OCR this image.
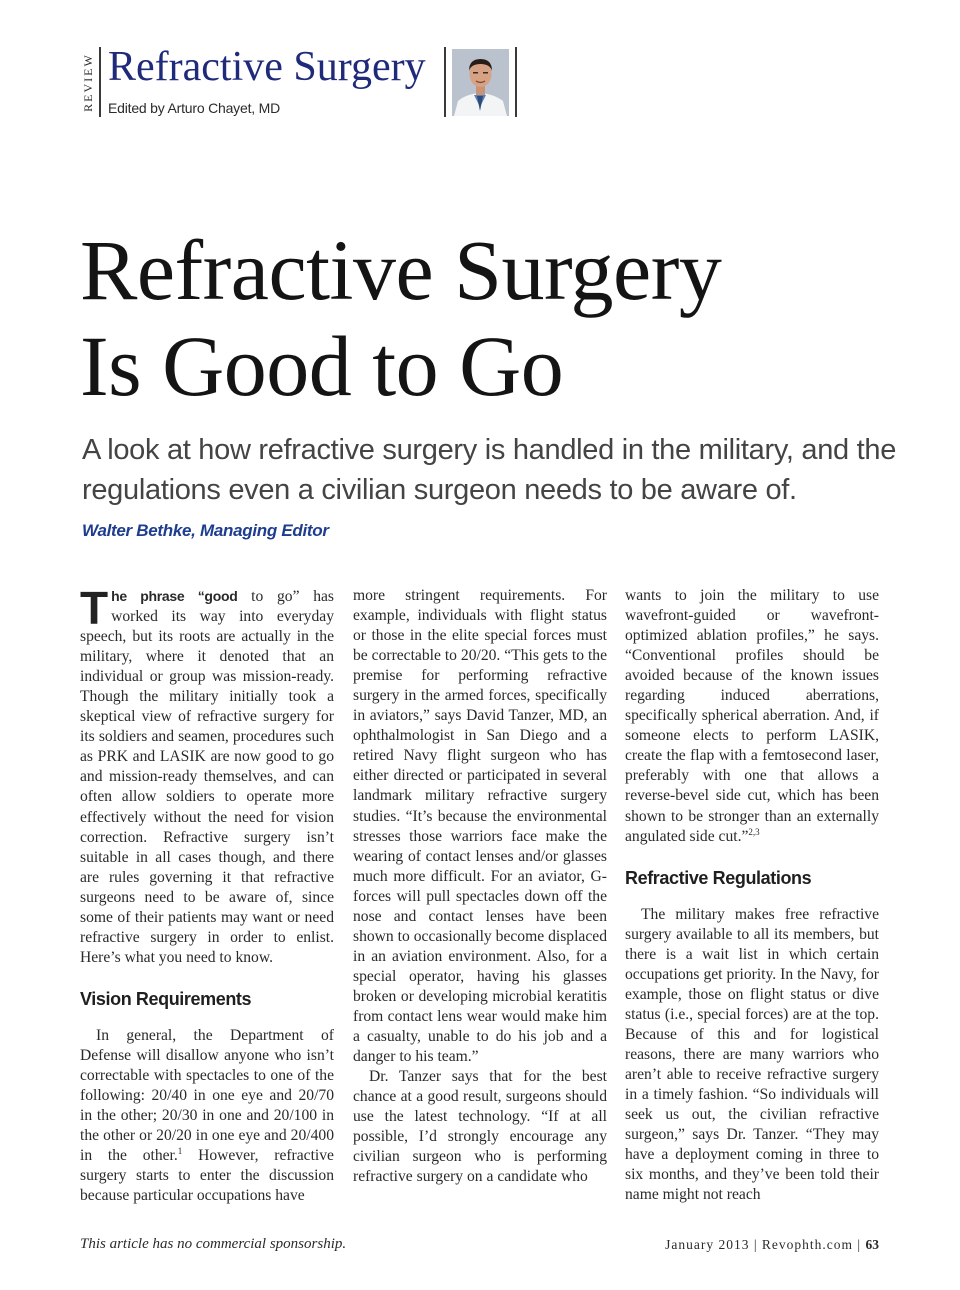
REVIEW Refractive Surgery
Edited by Arturo Chayet, MD
Refractive Surgery
Is Good to Go
A look at how refractive surgery is handled in the military, and the regulations even a civilian surgeon needs to be aware of.
Walter Bethke, Managing Editor

The phrase “good to go” has worked its way into everyday speech, but its roots are actually in the military, where it denoted that an individual or group was mission-ready. Though the military initially took a skeptical view of refractive surgery for its soldiers and seamen, procedures such as PRK and LASIK are now good to go and mission-ready themselves, and can often allow soldiers to operate more effectively without the need for vision correction. Refractive surgery isn’t suitable in all cases though, and there are rules governing it that refractive surgeons need to be aware of, since some of their patients may want or need refractive surgery in order to enlist. Here’s what you need to know.

Vision Requirements

In general, the Department of Defense will disallow anyone who isn’t correctable with spectacles to one of the following: 20/40 in one eye and 20/70 in the other; 20/30 in one and 20/100 in the other or 20/20 in one eye and 20/400 in the other.$^1$ However, refractive surgery starts to enter the discussion because particular occupations have

more stringent requirements. For example, individuals with flight status or those in the elite special forces must be correctable to 20/20. “This gets to the premise for performing refractive surgery in the armed forces, specifically in aviators,” says David Tanzer, MD, an ophthalmologist in San Diego and a retired Navy flight surgeon who has either directed or participated in several landmark military refractive surgery studies. “It’s because the environmental stresses those warriors face make the wearing of contact lenses and/or glasses much more difficult. For an aviator, G-forces will pull spectacles down off the nose and contact lenses have been shown to occasionally become displaced in an aviation environment. Also, for a special operator, having his glasses broken or developing microbial keratitis from contact lens wear would make him a casualty, unable to do his job and a danger to his team.”

Dr. Tanzer says that for the best chance at a good result, surgeons should use the latest technology. “If at all possible, I’d strongly encourage any civilian surgeon who is performing refractive surgery on a candidate who

wants to join the military to use wavefront-guided or wavefront-optimized ablation profiles,” he says. “Conventional profiles should be avoided because of the known issues regarding induced aberrations, specifically spherical aberration. And, if someone elects to perform LASIK, create the flap with a femtosecond laser, preferably with one that allows a reverse-bevel side cut, which has been shown to be stronger than an externally angulated side cut.”$^{2,3}$

Refractive Regulations

The military makes free refractive surgery available to all its members, but there is a wait list in which certain occupations get priority. In the Navy, for example, those on flight status or dive status (i.e., special forces) are at the top. Because of this and for logistical reasons, there are many warriors who aren’t able to receive refractive surgery in a timely fashion. “So individuals will seek us out, the civilian refractive surgeon,” says Dr. Tanzer. “They may have a deployment coming in three to six months, and they’ve been told their name might not reach

This article has no commercial sponsorship.	January 2013 | Revophth.com | 63
